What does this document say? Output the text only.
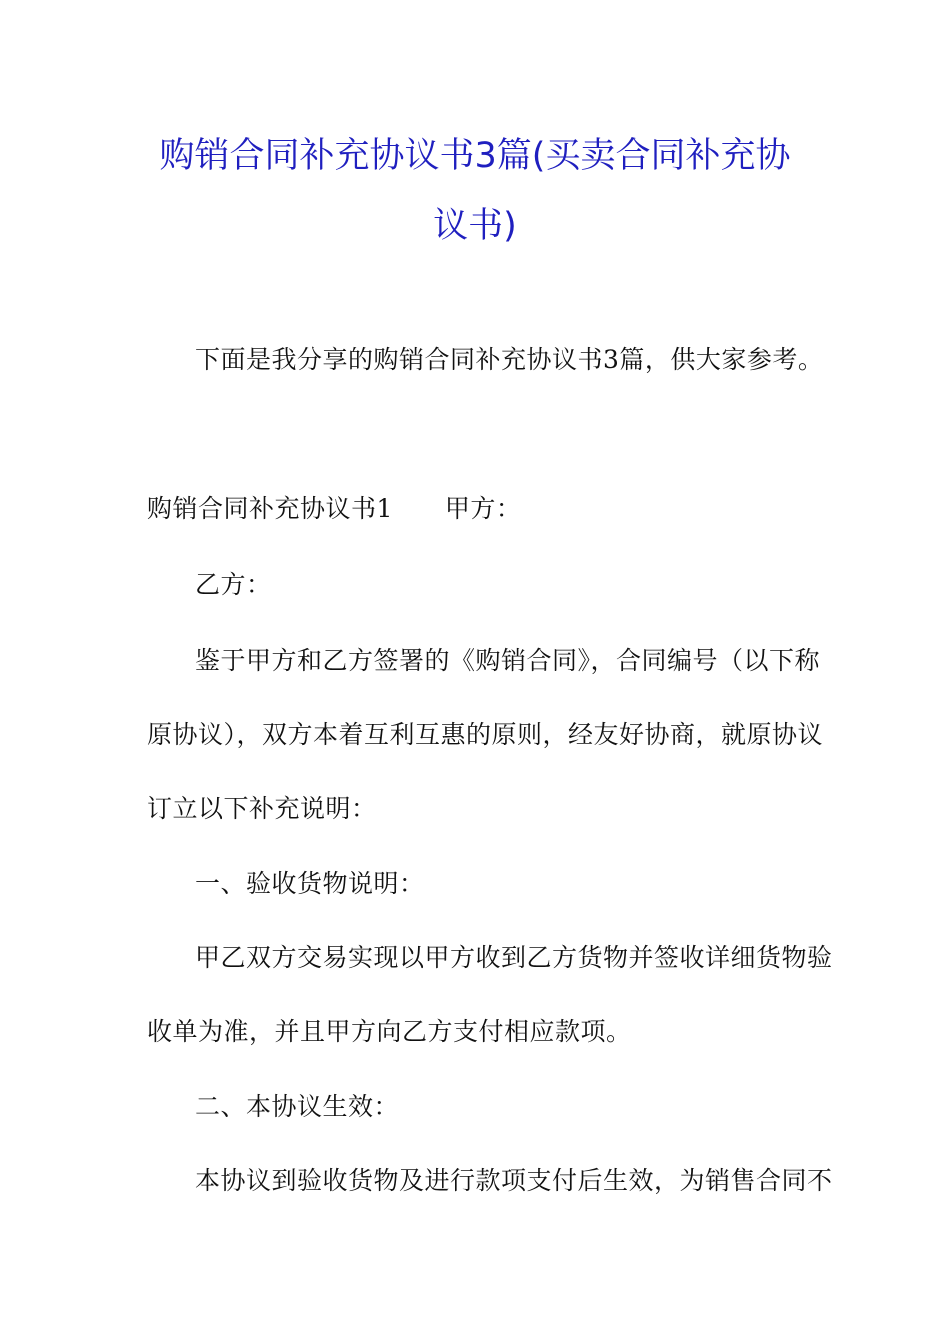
购销合同补充协议书3篇(买卖合同补充协
议书)
下面是我分享的购销合同补充协议书3篇，供大家参考。
购销合同补充协议书1 甲方：
乙方：
鉴于甲方和乙方签署的《购销合同》，合同编号（以下称
原协议），双方本着互利互惠的原则，经友好协商，就原协议
订立以下补充说明：
一、验收货物说明：
甲乙双方交易实现以甲方收到乙方货物并签收详细货物验
收单为准，并且甲方向乙方支付相应款项。
二、本协议生效：
本协议到验收货物及进行款项支付后生效，为销售合同不
